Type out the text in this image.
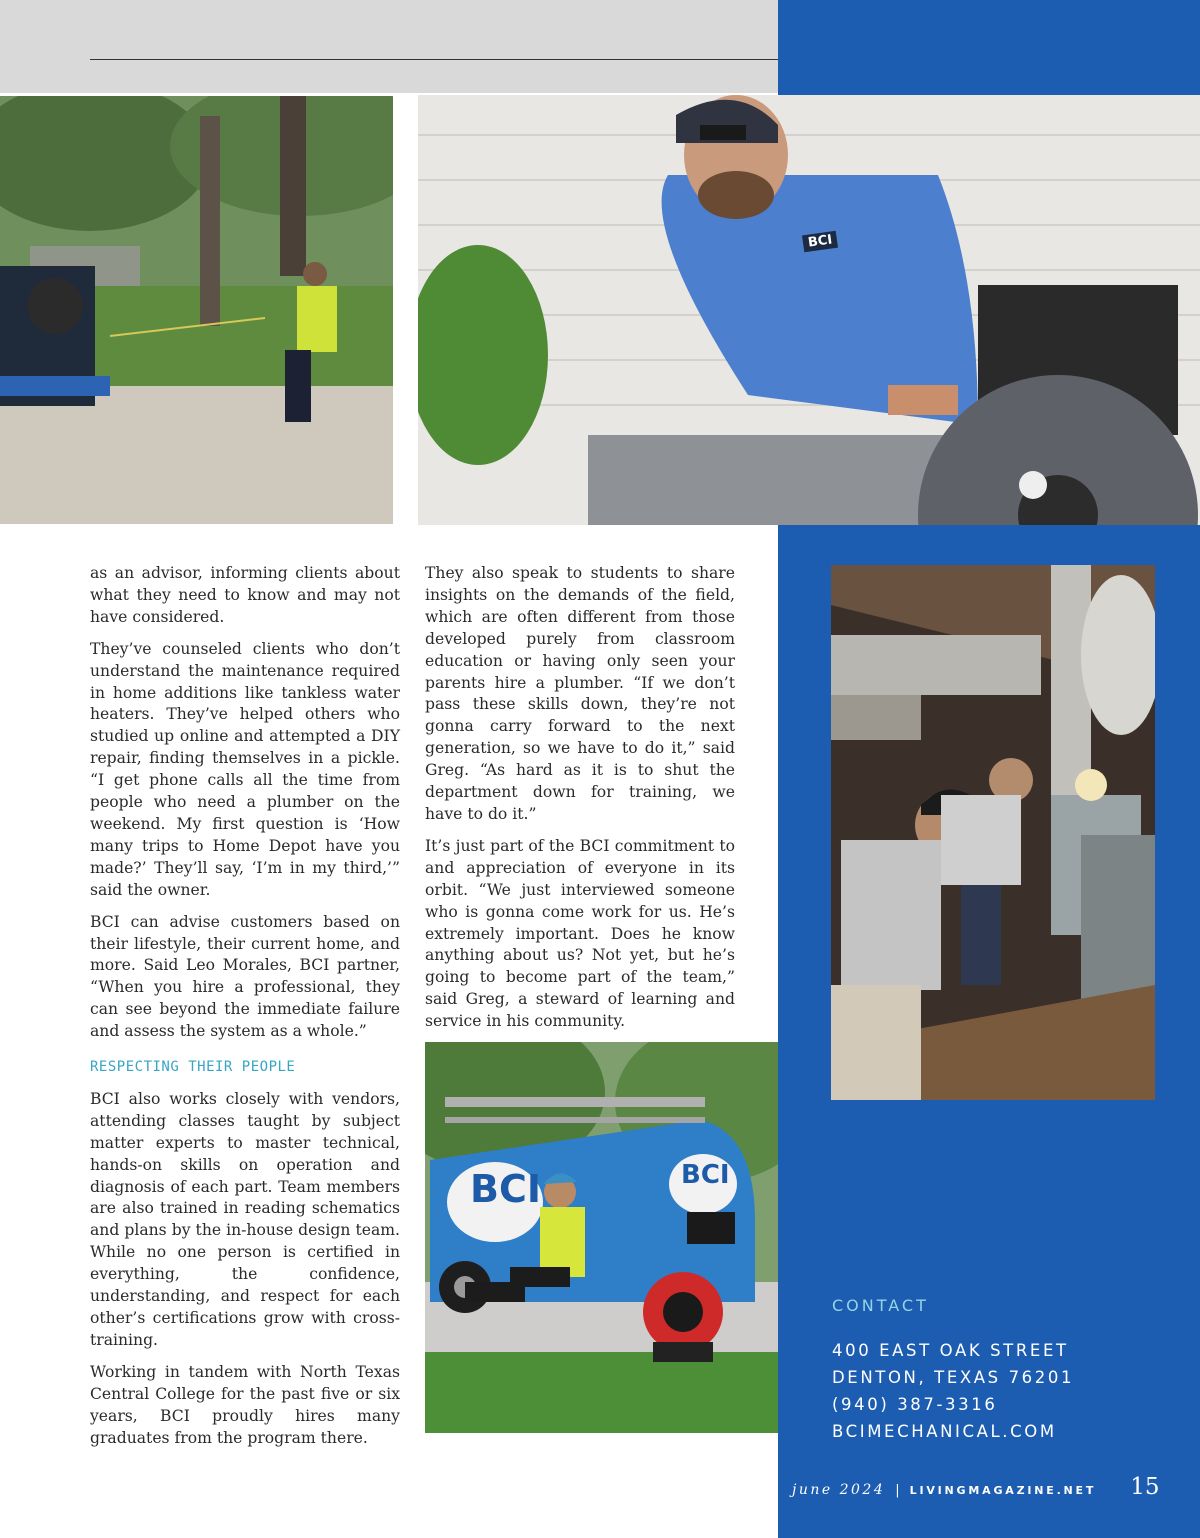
BCI
BCI	BCI

as an advisor, informing clients about what they need to know and may not have considered.

They’ve counseled clients who don’t understand the maintenance required in home additions like tankless water heaters. They’ve helped others who studied up online and attempted a DIY repair, finding themselves in a pickle. “I get phone calls all the time from people who need a plumber on the weekend. My first question is ‘How many trips to Home Depot have you made?’ They’ll say, ‘I’m in my third,’” said the owner.

BCI can advise customers based on their lifestyle, their current home, and more. Said Leo Morales, BCI partner, “When you hire a professional, they can see beyond the immediate failure and assess the system as a whole.”

RESPECTING THEIR PEOPLE

BCI also works closely with vendors, attending classes taught by subject matter experts to master technical, hands-on skills on operation and diagnosis of each part. Team members are also trained in reading schematics and plans by the in-house design team. While no one person is certified in everything, the confidence, understanding, and respect for each other’s certifications grow with cross-training.

Working in tandem with North Texas Central College for the past five or six years, BCI proudly hires many graduates from the program there.

They also speak to students to share insights on the demands of the field, which are often different from those developed purely from classroom education or having only seen your parents hire a plumber. “If we don’t pass these skills down, they’re not gonna carry forward to the next generation, so we have to do it,” said Greg. “As hard as it is to shut the department down for training, we have to do it.”

It’s just part of the BCI commitment to and appreciation of everyone in its orbit. “We just interviewed someone who is gonna come work for us. He’s extremely important. Does he know anything about us? Not yet, but he’s going to become part of the team,” said Greg, a steward of learning and service in his community.

CONTACT
400 EAST OAK STREET
DENTON, TEXAS 76201
(940) 387-3316
BCIMECHANICAL.COM
june 2024 | LIVINGMAGAZINE.NET 15
